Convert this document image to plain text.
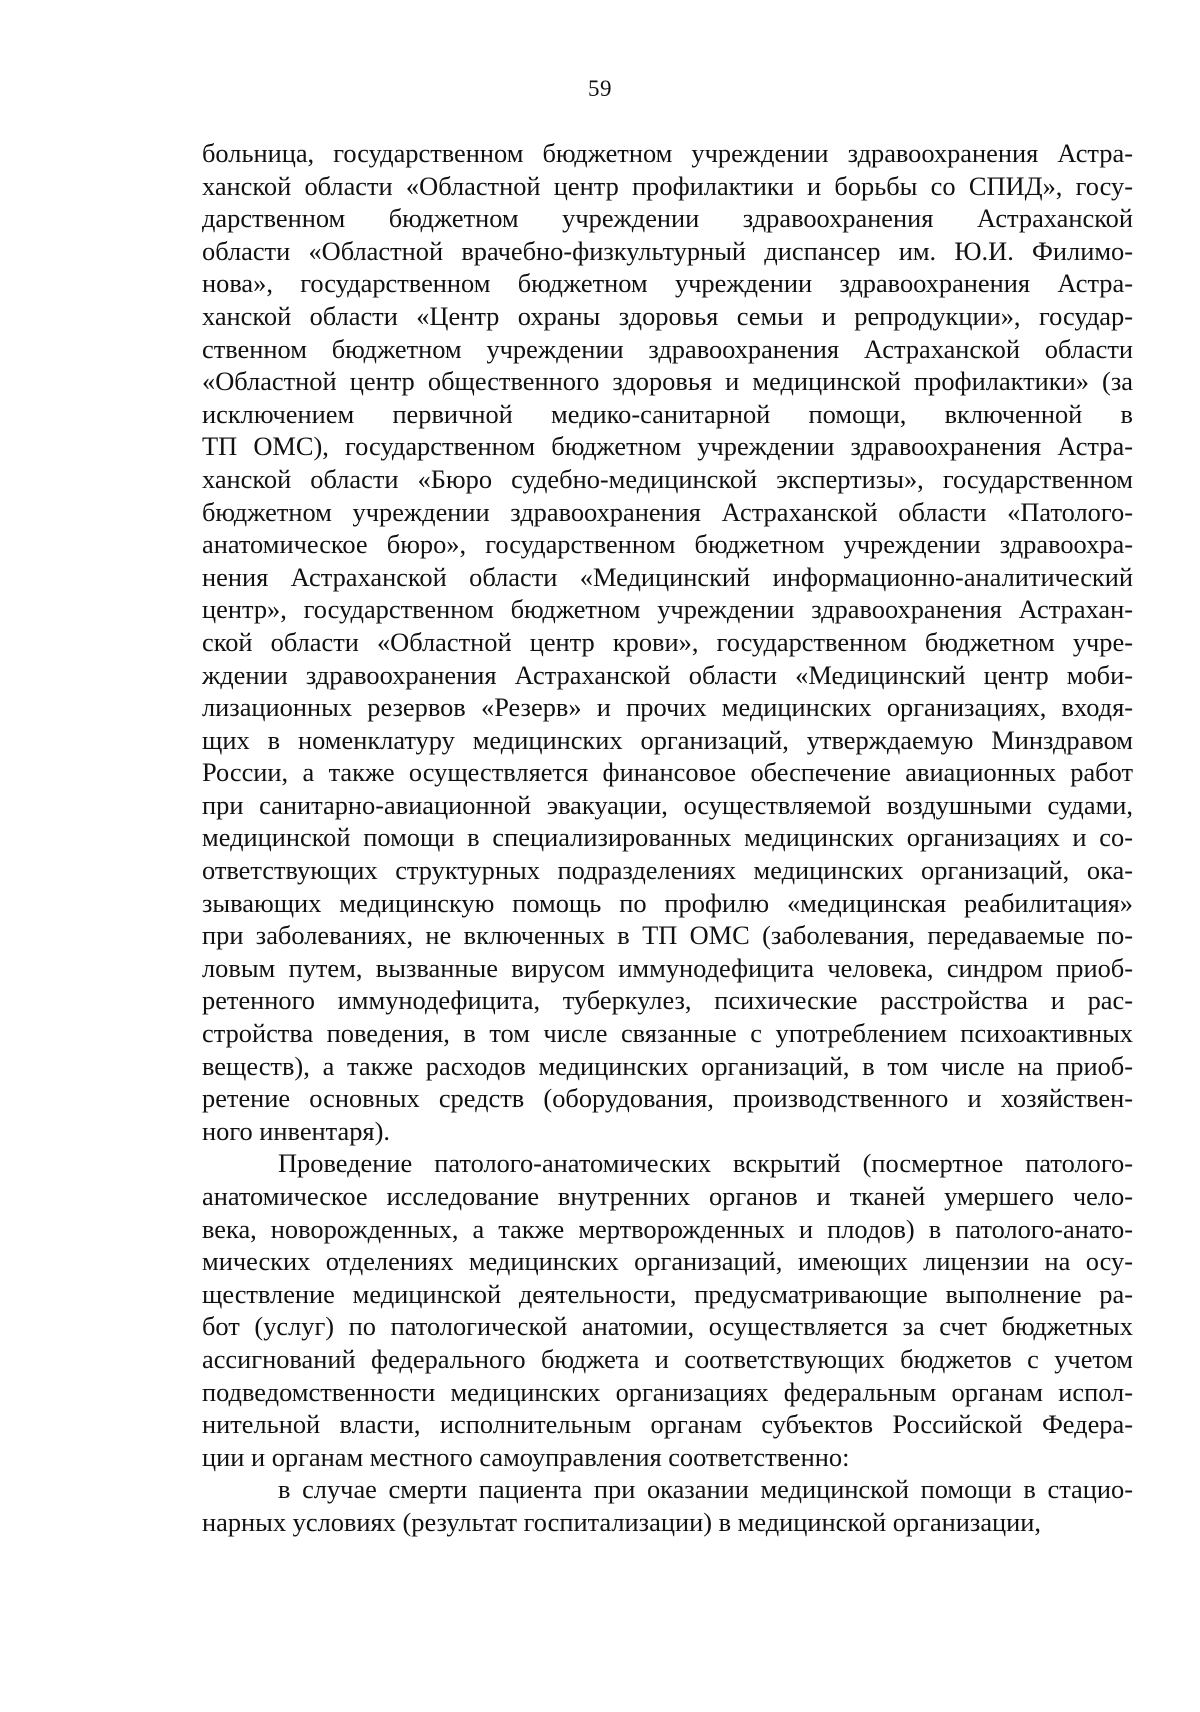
59
больница, государственном бюджетном учреждении здравоохранения Астра-
ханской области «Областной центр профилактики и борьбы со СПИД», госу-
дарственном бюджетном учреждении здравоохранения Астраханской
области «Областной врачебно-физкультурный диспансер им. Ю.И. Филимо-
нова», государственном бюджетном учреждении здравоохранения Астра-
ханской области «Центр охраны здоровья семьи и репродукции», государ-
ственном бюджетном учреждении здравоохранения Астраханской области
«Областной центр общественного здоровья и медицинской профилактики» (за
исключением первичной медико-санитарной помощи, включенной в
ТП ОМС), государственном бюджетном учреждении здравоохранения Астра-
ханской области «Бюро судебно-медицинской экспертизы», государственном
бюджетном учреждении здравоохранения Астраханской области «Патолого-
анатомическое бюро», государственном бюджетном учреждении здравоохра-
нения Астраханской области «Медицинский информационно-аналитический
центр», государственном бюджетном учреждении здравоохранения Астрахан-
ской области «Областной центр крови», государственном бюджетном учре-
ждении здравоохранения Астраханской области «Медицинский центр моби-
лизационных резервов «Резерв» и прочих медицинских организациях, входя-
щих в номенклатуру медицинских организаций, утверждаемую Минздравом
России, а также осуществляется финансовое обеспечение авиационных работ
при санитарно-авиационной эвакуации, осуществляемой воздушными судами,
медицинской помощи в специализированных медицинских организациях и со-
ответствующих структурных подразделениях медицинских организаций, ока-
зывающих медицинскую помощь по профилю «медицинская реабилитация»
при заболеваниях, не включенных в ТП ОМС (заболевания, передаваемые по-
ловым путем, вызванные вирусом иммунодефицита человека, синдром приоб-
ретенного иммунодефицита, туберкулез, психические расстройства и рас-
стройства поведения, в том числе связанные с употреблением психоактивных
веществ), а также расходов медицинских организаций, в том числе на приоб-
ретение основных средств (оборудования, производственного и хозяйствен-
ного инвентаря).
Проведение патолого-анатомических вскрытий (посмертное патолого-
анатомическое исследование внутренних органов и тканей умершего чело-
века, новорожденных, а также мертворожденных и плодов) в патолого-анато-
мических отделениях медицинских организаций, имеющих лицензии на осу-
ществление медицинской деятельности, предусматривающие выполнение ра-
бот (услуг) по патологической анатомии, осуществляется за счет бюджетных
ассигнований федерального бюджета и соответствующих бюджетов с учетом
подведомственности медицинских организациях федеральным органам испол-
нительной власти, исполнительным органам субъектов Российской Федера-
ции и органам местного самоуправления соответственно:
в случае смерти пациента при оказании медицинской помощи в стацио-
нарных условиях (результат госпитализации) в медицинской организации,
